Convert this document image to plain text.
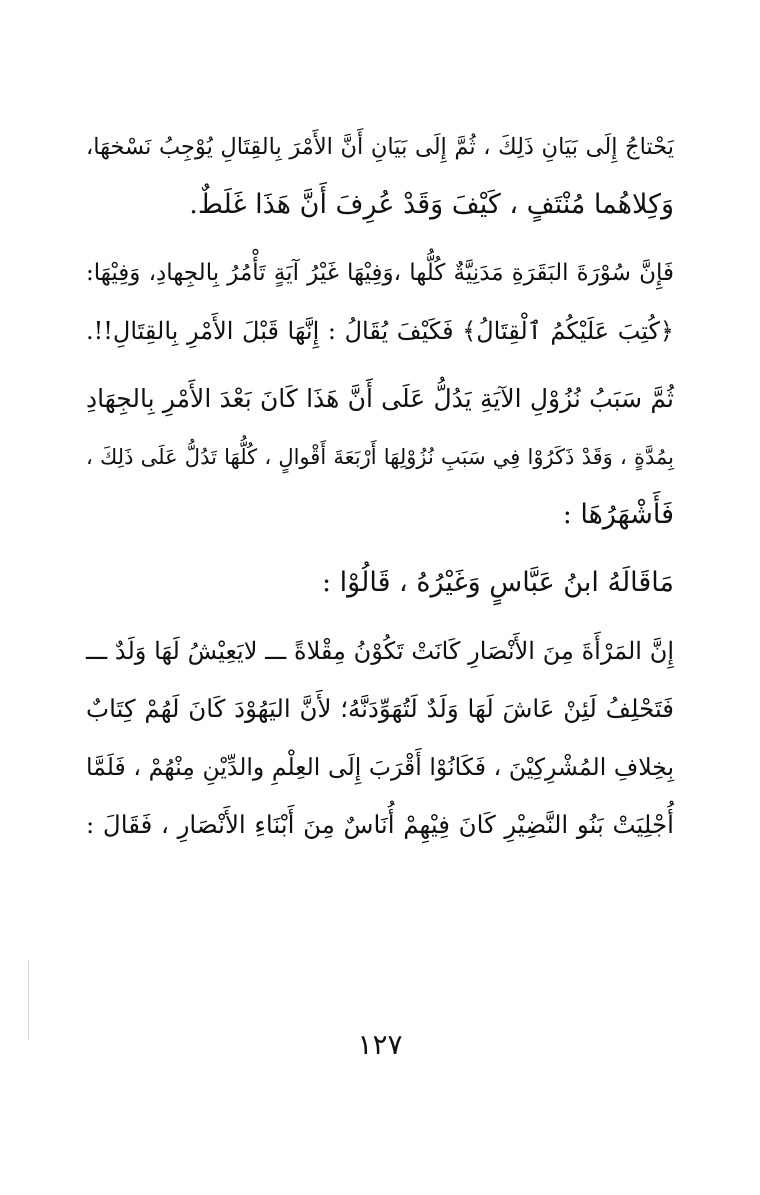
يَحْتاجُ إِلَى بَيَانِ ذَلِكَ ، ثُمَّ إِلَى بَيَانِ أَنَّ الأَمْرَ بِالقِتَالِ يُوْجِبُ نَسْخهَا،
وَكِلاهُما مُنْتَفٍ ، كَيْفَ وَقَدْ عُرِفَ أَنَّ هَذَا غَلَطٌ.
فَإِنَّ سُوْرَةَ البَقَرَةِ مَدَنِيَّةٌ كُلُّها ،وَفِيْهَا غَيْرُ آيَةٍ تَأْمُرُ بِالجِهادِ، وَفِيْهَا:
﴿كُتِبَ عَلَيْكُمُ ٱلْقِتَالُ﴾ فَكَيْفَ يُقَالُ : إِنَّهَا قَبْلَ الأَمْرِ بِالقِتَالِ!!.
ثُمَّ سَبَبُ نُزُوْلِ الآيَةِ يَدُلُّ عَلَى أَنَّ هَذَا كَانَ بَعْدَ الأَمْرِ بِالجِهَادِ
بِمُدَّةٍ ، وَقَدْ ذَكَرُوْا فِي سَبَبِ نُزُوْلِهَا أَرْبَعَةَ أَقْوالٍ ، كُلُّهَا تَدُلُّ عَلَى ذَلِكَ ،
فَأَشْهَرُهَا :
مَاقَالَهُ ابنُ عَبَّاسٍ وَغَيْرُهُ ، قَالُوْا :
إِنَّ المَرْأَةَ مِنَ الأَنْصَارِ كَانَتْ تَكُوْنُ مِقْلاةً ـــ لايَعِيْشُ لَهَا وَلَدٌ ـــ
فَتَحْلِفُ لَئِنْ عَاشَ لَهَا وَلَدٌ لَتُهَوِّدَنَّهُ؛ لأَنَّ اليَهُوْدَ كَانَ لَهُمْ كِتَابٌ
بِخِلافِ المُشْرِكِيْنَ ، فَكَانُوْا أَقْرَبَ إِلَى العِلْمِ والدِّيْنِ مِنْهُمْ ، فَلَمَّا
أُجْلِيَتْ بَنُو النَّضِيْرِ كَانَ فِيْهِمْ أُنَاسٌ مِنَ أَبْنَاءِ الأَنْصَارِ ، فَقَالَ :
١٢٧
